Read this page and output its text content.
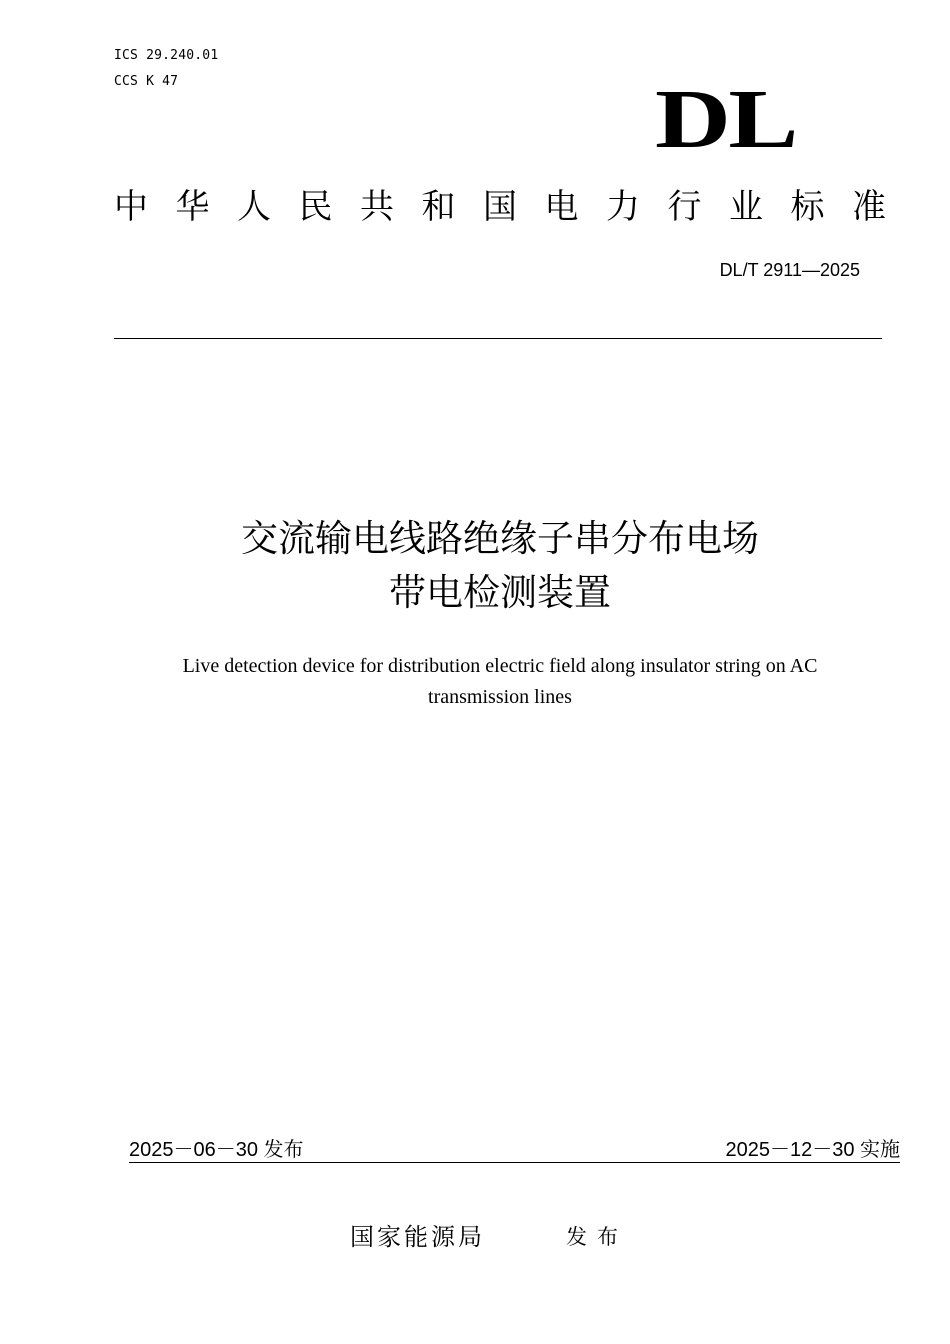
ICS 29.240.01
CCS K 47	DL
中 华 人 民 共 和 国 电 力 行 业 标 准
DL/T 2911—2025
交流输电线路绝缘子串分布电场
带电检测装置
Live detection device for distribution electric field along insulator string on AC
transmission lines
2025－06－30 发布	2025－12－30 实施
国家能源局	发布
